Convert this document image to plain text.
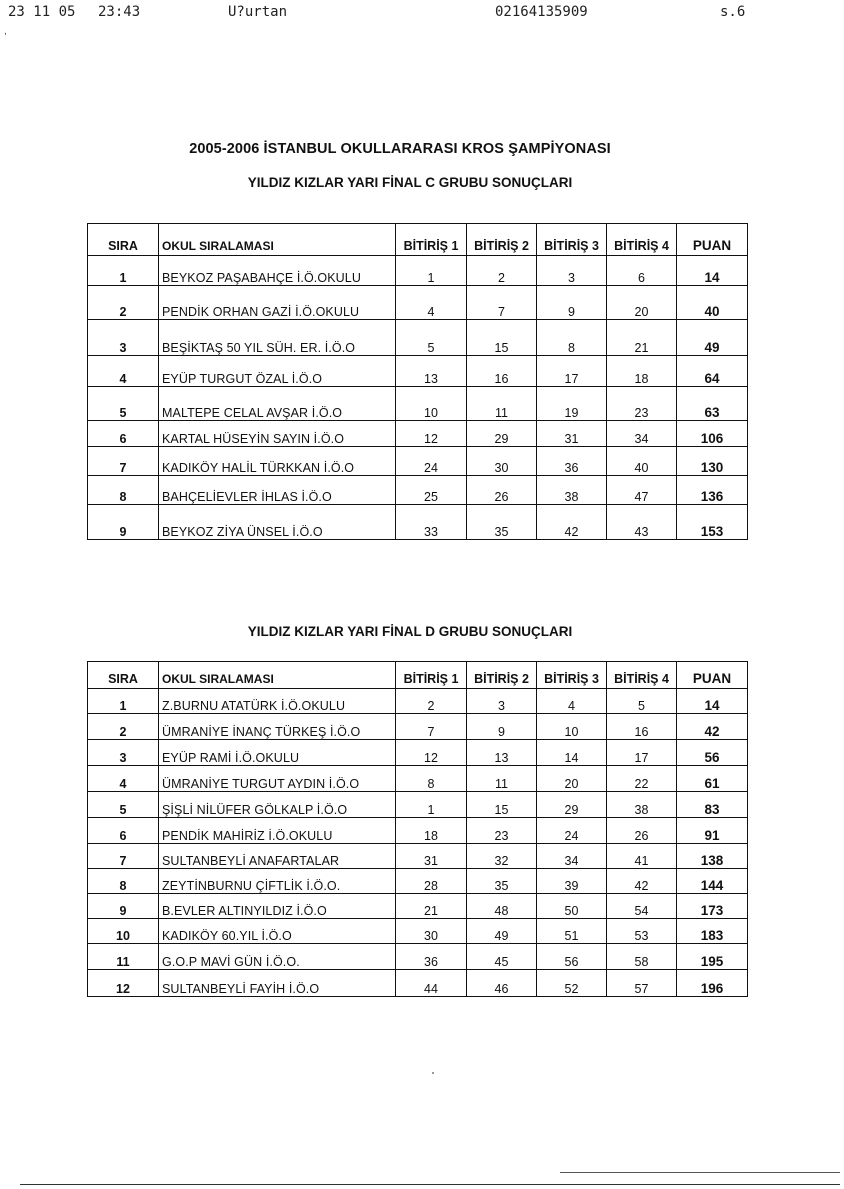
23 11 05 23:43	U?urtan	02164135909	s.6
,
2005-2006 İSTANBUL OKULLARARASI KROS ŞAMPİYONASI
YILDIZ KIZLAR YARI FİNAL C GRUBU SONUÇLARI
SIRA	OKUL SIRALAMASI	BİTİRİŞ 1	BİTİRİŞ 2	BİTİRİŞ 3	BİTİRİŞ 4	PUAN
1	BEYKOZ PAŞABAHÇE İ.Ö.OKULU	1	2	3	6	14
2	PENDİK ORHAN GAZİ İ.Ö.OKULU	4	7	9	20	40
3	BEŞİKTAŞ 50 YIL SÜH. ER. İ.Ö.O	5	15	8	21	49
4	EYÜP TURGUT ÖZAL İ.Ö.O	13	16	17	18	64
5	MALTEPE CELAL AVŞAR İ.Ö.O	10	11	19	23	63
6	KARTAL HÜSEYİN SAYIN İ.Ö.O	12	29	31	34	106
7	KADIKÖY HALİL TÜRKKAN İ.Ö.O	24	30	36	40	130
8	BAHÇELİEVLER İHLAS İ.Ö.O	25	26	38	47	136
9	BEYKOZ ZİYA ÜNSEL İ.Ö.O	33	35	42	43	153
YILDIZ KIZLAR YARI FİNAL D GRUBU SONUÇLARI
SIRA	OKUL SIRALAMASI	BİTİRİŞ 1	BİTİRİŞ 2	BİTİRİŞ 3	BİTİRİŞ 4	PUAN
1	Z.BURNU ATATÜRK İ.Ö.OKULU	2	3	4	5	14
2	ÜMRANİYE İNANÇ TÜRKEŞ İ.Ö.O	7	9	10	16	42
3	EYÜP RAMİ İ.Ö.OKULU	12	13	14	17	56
4	ÜMRANİYE TURGUT AYDIN İ.Ö.O	8	11	20	22	61
5	ŞİŞLİ NİLÜFER GÖLKALP İ.Ö.O	1	15	29	38	83
6	PENDİK MAHİRİZ İ.Ö.OKULU	18	23	24	26	91
7	SULTANBEYLİ ANAFARTALAR	31	32	34	41	138
8	ZEYTİNBURNU ÇİFTLİK İ.Ö.O.	28	35	39	42	144
9	B.EVLER ALTINYILDIZ İ.Ö.O	21	48	50	54	173
10	KADIKÖY 60.YIL İ.Ö.O	30	49	51	53	183
11	G.O.P MAVİ GÜN İ.Ö.O.	36	45	56	58	195
12	SULTANBEYLİ FAYİH İ.Ö.O	44	46	52	57	196
